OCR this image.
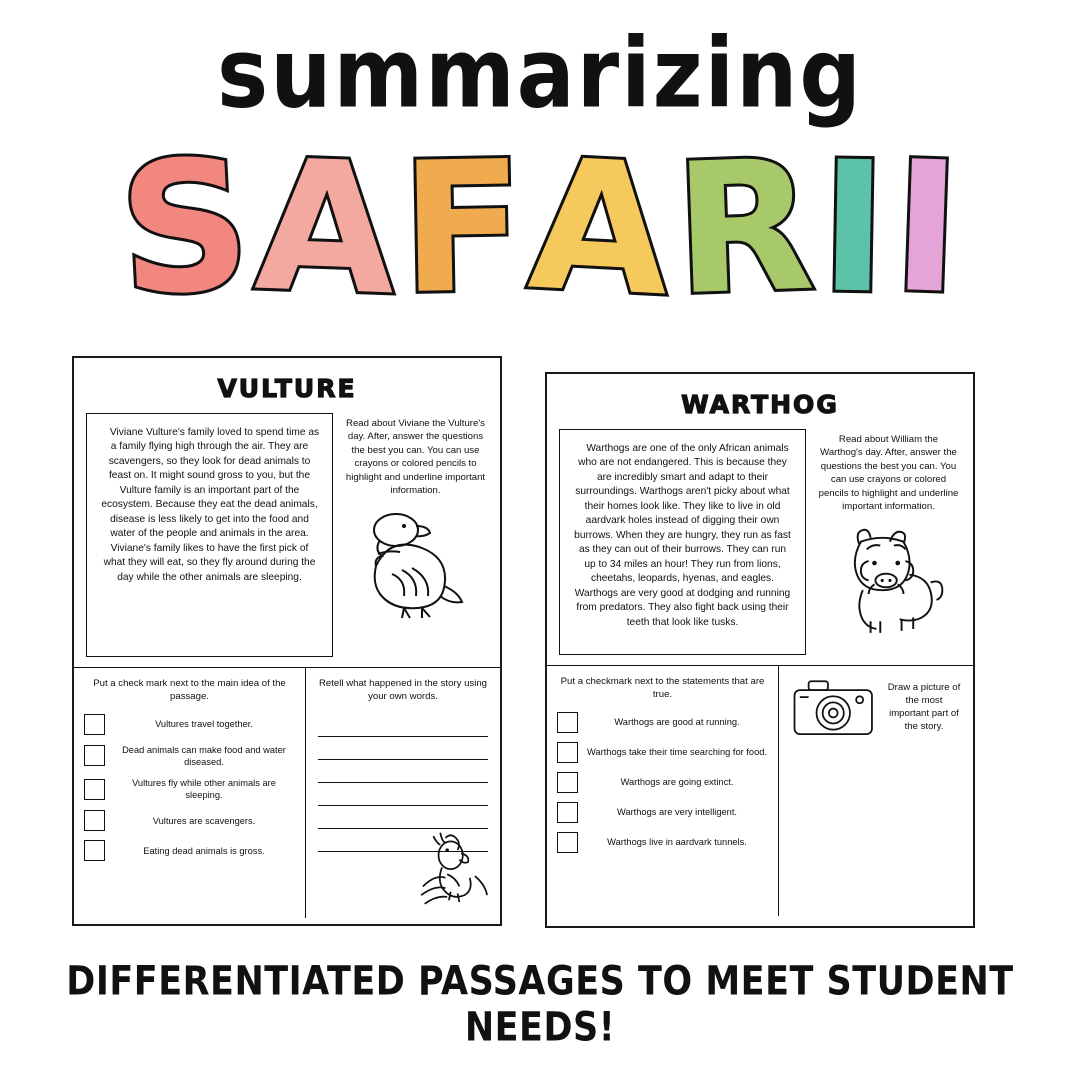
summarizing
S
A F
A
R I I
VULTURE

Viviane Vulture's family loved to spend time as a family flying high through the air. They are scavengers, so they look for dead animals to feast on. It might sound gross to you, but the Vulture family is an important part of the ecosystem. Because they eat the dead animals, disease is less likely to get into the food and water of the people and animals in the area. Viviane's family likes to have the first pick of what they will eat, so they fly around during the day while the other animals are sleeping.

Read about Viviane the Vulture's day. After, answer the questions the best you can. You can use crayons or colored pencils to highlight and underline important information.
Put a check mark next to the main idea of the passage.
Vultures travel together.
Dead animals can make food and water diseased.
Vultures fly while other animals are sleeping.
Vultures are scavengers.
Eating dead animals is gross.
Retell what happened in the story using your own words.
WARTHOG

Warthogs are one of the only African animals who are not endangered. This is because they are incredibly smart and adapt to their surroundings. Warthogs aren't picky about what their homes look like. They like to live in old aardvark holes instead of digging their own burrows. When they are hungry, they run as fast as they can out of their burrows. They can run up to 34 miles an hour! They run from lions, cheetahs, leopards, hyenas, and eagles. Warthogs are very good at dodging and running from predators. They also fight back using their teeth that look like tusks.

Read about William the Warthog's day. After, answer the questions the best you can. You can use crayons or colored pencils to highlight and underline important information.
Put a checkmark next to the statements that are true.
Warthogs are good at running.
Warthogs take their time searching for food.
Warthogs are going extinct.
Warthogs are very intelligent.
Warthogs live in aardvark tunnels.
Draw a picture of the most important part of the story.
DIFFERENTIATED PASSAGES TO MEET STUDENT NEEDS!
